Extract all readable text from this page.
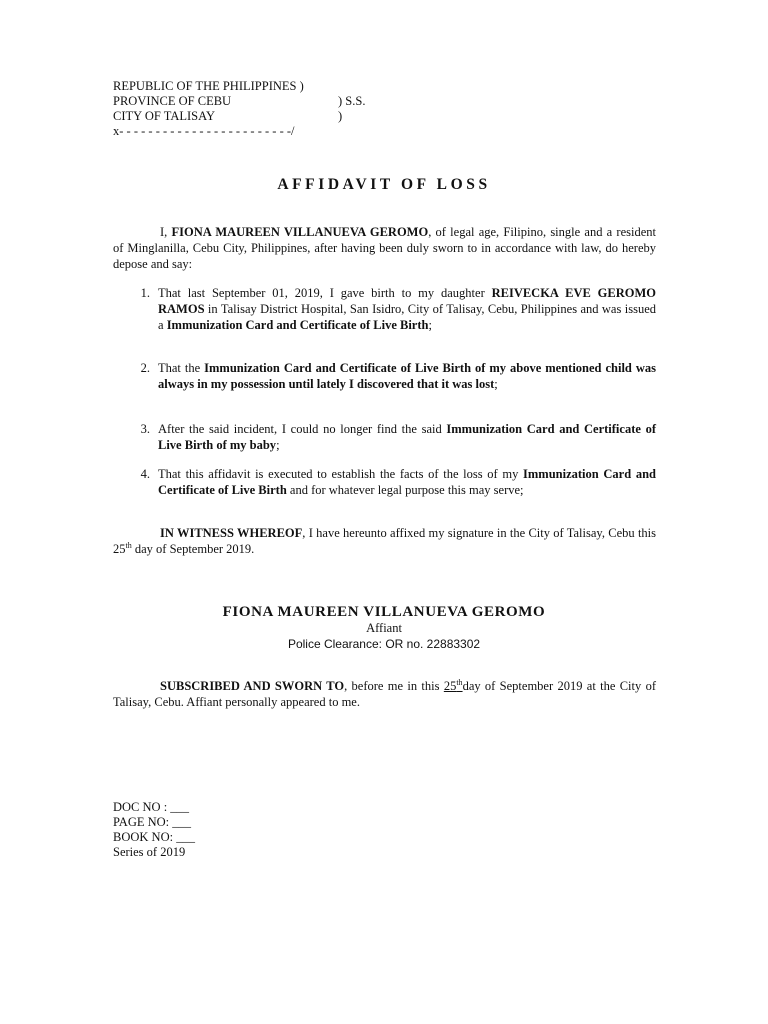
REPUBLIC OF THE PHILIPPINES )
PROVINCE OF CEBU	) S.S.
CITY OF TALISAY	)
x- - - - - - - - - - - - - - - - - - - - - - - -/
AFFIDAVIT OF LOSS
I, FIONA MAUREEN VILLANUEVA GEROMO, of legal age, Filipino, single and a resident of Minglanilla, Cebu City, Philippines, after having been duly sworn to in accordance with law, do hereby depose and say:
1. That last September 01, 2019, I gave birth to my daughter REIVECKA EVE GEROMO RAMOS in Talisay District Hospital, San Isidro, City of Talisay, Cebu, Philippines and was issued a Immunization Card and Certificate of Live Birth;
2. That the Immunization Card and Certificate of Live Birth of my above mentioned child was always in my possession until lately I discovered that it was lost;
3. After the said incident, I could no longer find the said Immunization Card and Certificate of Live Birth of my baby;
4. That this affidavit is executed to establish the facts of the loss of my Immunization Card and Certificate of Live Birth and for whatever legal purpose this may serve;
IN WITNESS WHEREOF, I have hereunto affixed my signature in the City of Talisay, Cebu this 25th day of September 2019.
FIONA MAUREEN VILLANUEVA GEROMO
Affiant
Police Clearance: OR no. 22883302
SUBSCRIBED AND SWORN TO, before me in this 25thday of September 2019 at the City of Talisay, Cebu. Affiant personally appeared to me.
DOC NO : ___
PAGE NO: ___
BOOK NO: ___
Series of 2019
